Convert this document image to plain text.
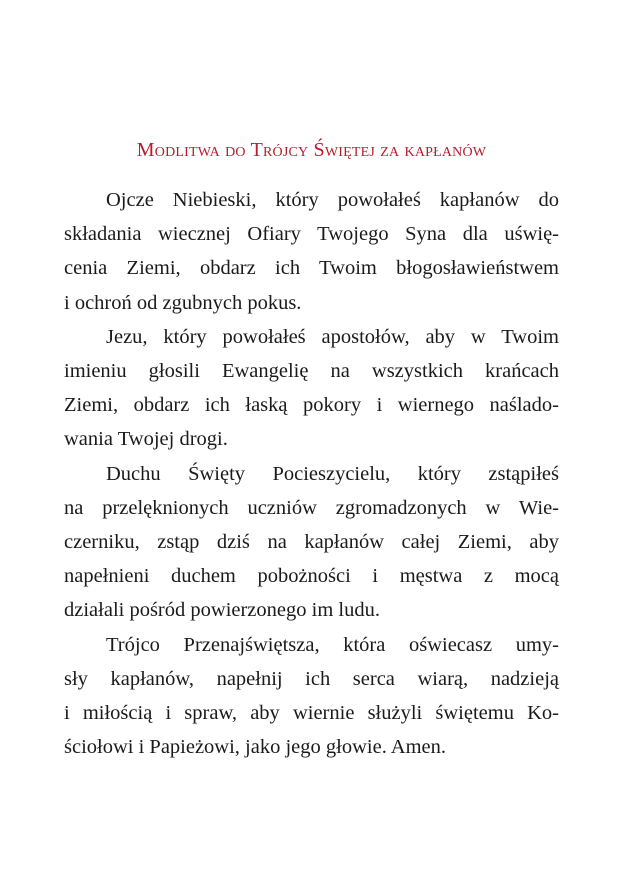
Modlitwa do Trójcy Świętej za kapłanów

Ojcze Niebieski, który powołałeś kapłanów do
składania wiecznej Ofiary Twojego Syna dla uświę-
cenia Ziemi, obdarz ich Twoim błogosławieństwem
i ochroń od zgubnych pokus.

Jezu, który powołałeś apostołów, aby w Twoim
imieniu głosili Ewangelię na wszystkich krańcach
Ziemi, obdarz ich łaską pokory i wiernego naślado-
wania Twojej drogi.

Duchu Święty Pocieszycielu, który zstąpiłeś
na przelęknionych uczniów zgromadzonych w Wie-
czerniku, zstąp dziś na kapłanów całej Ziemi, aby
napełnieni duchem pobożności i męstwa z mocą
działali pośród powierzonego im ludu.

Trójco Przenajświętsza, która oświecasz umy-
sły kapłanów, napełnij ich serca wiarą, nadzieją
i miłością i spraw, aby wiernie służyli świętemu Ko-
ściołowi i Papieżowi, jako jego głowie. Amen.
